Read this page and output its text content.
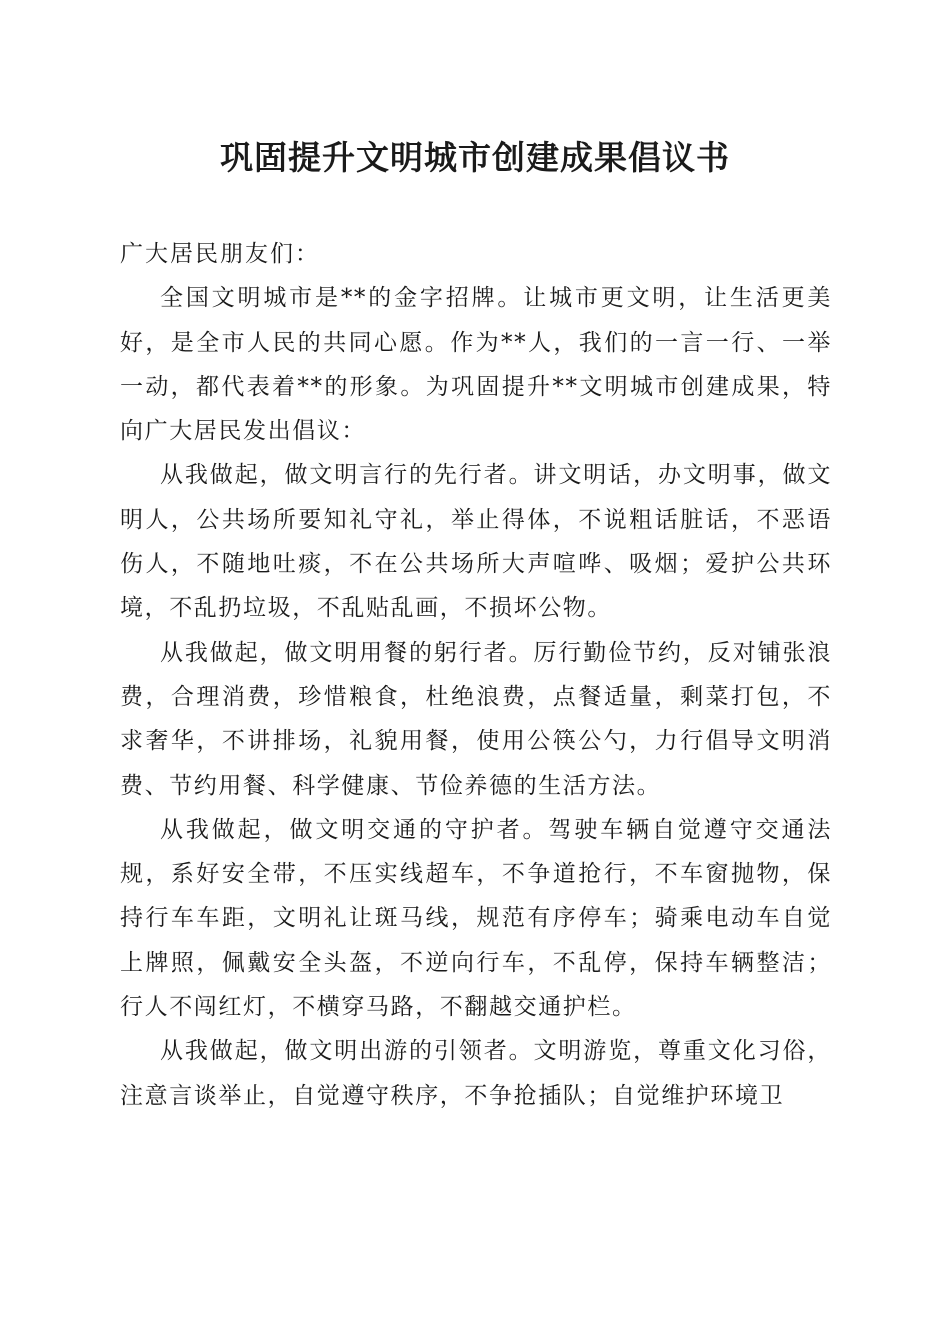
巩固提升文明城市创建成果倡议书

广大居民朋友们：

全国文明城市是**的金字招牌。让城市更文明，让生活更美好，是全市人民的共同心愿。作为**人，我们的一言一行、一举一动，都代表着**的形象。为巩固提升**文明城市创建成果，特向广大居民发出倡议：

从我做起，做文明言行的先行者。讲文明话，办文明事，做文明人，公共场所要知礼守礼，举止得体，不说粗话脏话，不恶语伤人，不随地吐痰，不在公共场所大声喧哗、吸烟；爱护公共环境，不乱扔垃圾，不乱贴乱画，不损坏公物。

从我做起，做文明用餐的躬行者。厉行勤俭节约，反对铺张浪费，合理消费，珍惜粮食，杜绝浪费，点餐适量，剩菜打包，不求奢华，不讲排场，礼貌用餐，使用公筷公勺，力行倡导文明消费、节约用餐、科学健康、节俭养德的生活方法。

从我做起，做文明交通的守护者。驾驶车辆自觉遵守交通法规，系好安全带，不压实线超车，不争道抢行，不车窗抛物，保持行车车距，文明礼让斑马线，规范有序停车；骑乘电动车自觉上牌照，佩戴安全头盔，不逆向行车，不乱停，保持车辆整洁；行人不闯红灯，不横穿马路，不翻越交通护栏。

从我做起，做文明出游的引领者。文明游览，尊重文化习俗，注意言谈举止，自觉遵守秩序，不争抢插队；自觉维护环境卫
